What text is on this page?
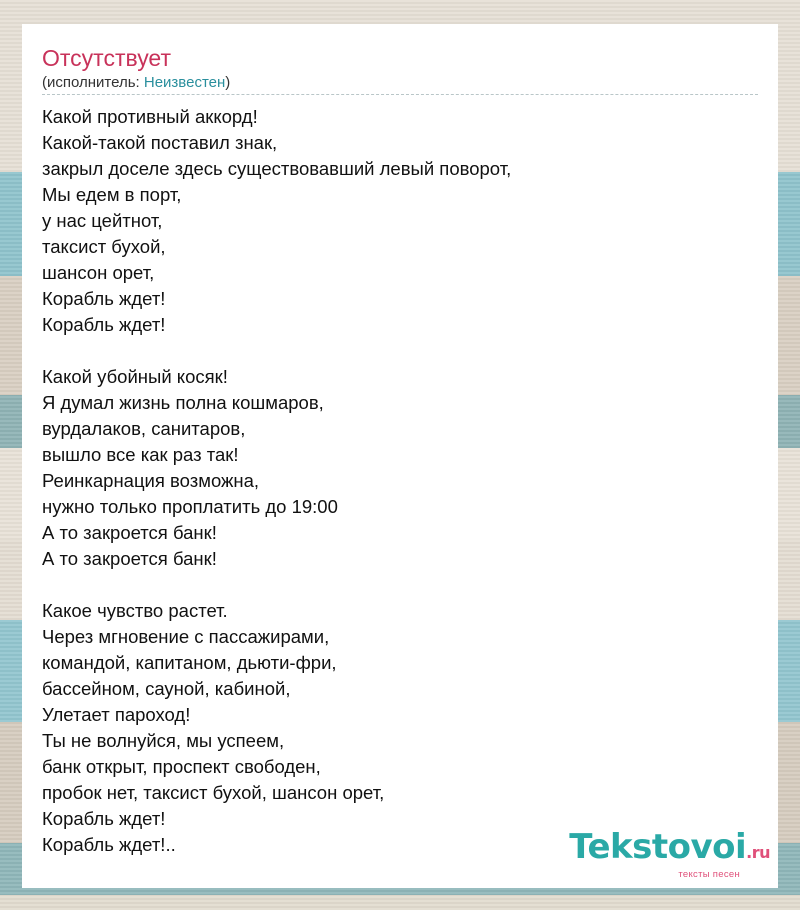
Отсутствует
(исполнитель: Неизвестен)
Какой противный аккорд!
Какой-такой поставил знак,
закрыл доселе здесь существовавший левый поворот,
Мы едем в порт,
у нас цейтнот,
таксист бухой,
шансон орет,
Корабль ждет!
Корабль ждет!
Какой убойный косяк!
Я думал жизнь полна кошмаров,
вурдалаков, санитаров,
вышло все как раз так!
Реинкарнация возможна,
нужно только проплатить до 19:00
А то закроется банк!
А то закроется банк!
Какое чувство растет.
Через мгновение с пассажирами,
командой, капитаном, дьюти-фри,
бассейном, сауной, кабиной,
Улетает пароход!
Ты не волнуйся, мы успеем,
банк открыт, проспект свободен,
пробок нет, таксист бухой, шансон орет,
Корабль ждет!
Корабль ждет!..	Tekstovoi.ru
тексты песен
